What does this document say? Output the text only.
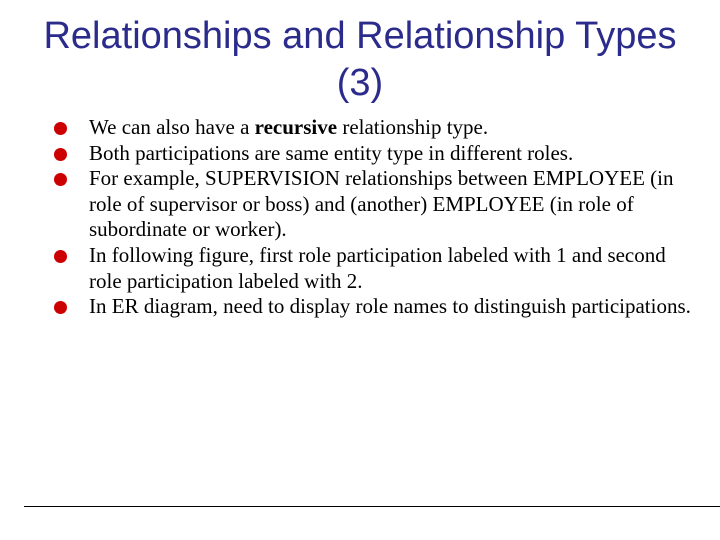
Relationships and Relationship Types (3)
We can also have a recursive relationship type.
Both participations are same entity type in different roles.
For example, SUPERVISION relationships between EMPLOYEE (in role of supervisor or boss) and (another) EMPLOYEE (in role of subordinate or worker).
In following figure, first role participation labeled with 1 and second role participation labeled with 2.
In ER diagram, need to display role names to distinguish participations.
